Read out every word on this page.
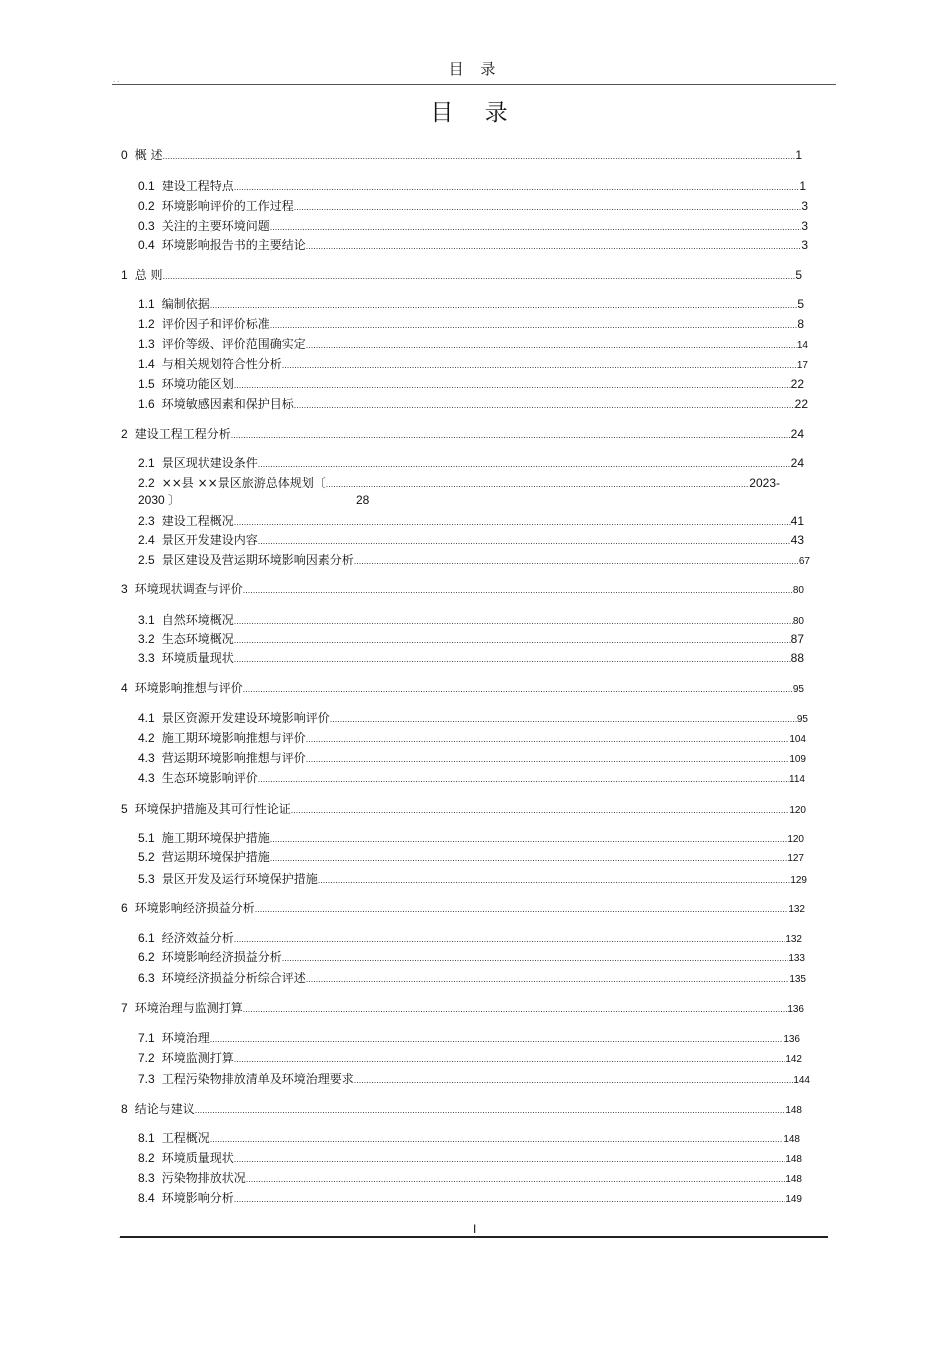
目 录
· ·
目 录
0 概 述 .....	1
0.1 建设工程特点 .....	1
0.2 环境影响评价的工作过程 .....	3
0.3 关注的主要环境问题 .....	3
0.4 环境影响报告书的主要结论 .....	3
1 总 则 .....	5
1.1 编制依据 .....	5
1.2 评价因子和评价标准 .....	8
1.3 评价等级、评价范围确实定 .....	14
1.4 与相关规划符合性分析 .....	17
1.5 环境功能区划 .....	22
1.6 环境敏感因素和保护目标 .....	22
2 建设工程工程分析 .....	24
2.1 景区现状建设条件 .....	24
2.2 ××县 ××景区旅游总体规划〔 .....	2023-
2030 〕	28
2.3 建设工程概况 .....	41
2.4 景区开发建设内容 .....	43
2.5 景区建设及营运期环境影响因素分析 .....	67
3 环境现状调查与评价 .....	80
3.1 自然环境概况 .....	80
3.2 生态环境概况 .....	87
3.3 环境质量现状 .....	88
4 环境影响推想与评价 .....	95
4.1 景区资源开发建设环境影响评价 .....	95
4.2 施工期环境影响推想与评价 .....	104
4.3 营运期环境影响推想与评价 .....	109
4.3 生态环境影响评价 .....	114
5 环境保护措施及其可行性论证 .....	120
5.1 施工期环境保护措施 .....	120
5.2 营运期环境保护措施 .....	127
5.3 景区开发及运行环境保护措施 .....	129
6 环境影响经济损益分析 .....	132
6.1 经济效益分析 .....	132
6.2 环境影响经济损益分析 .....	133
6.3 环境经济损益分析综合评述 .....	135
7 环境治理与监测打算 .....	136
7.1 环境治理 .....	136
7.2 环境监测打算 .....	142
7.3 工程污染物排放清单及环境治理要求 .....	144
8 结论与建议 .....	148
8.1 工程概况 .....	148
8.2 环境质量现状 .....	148
8.3 污染物排放状况 .....	148
8.4 环境影响分析 .....	149
I
·
